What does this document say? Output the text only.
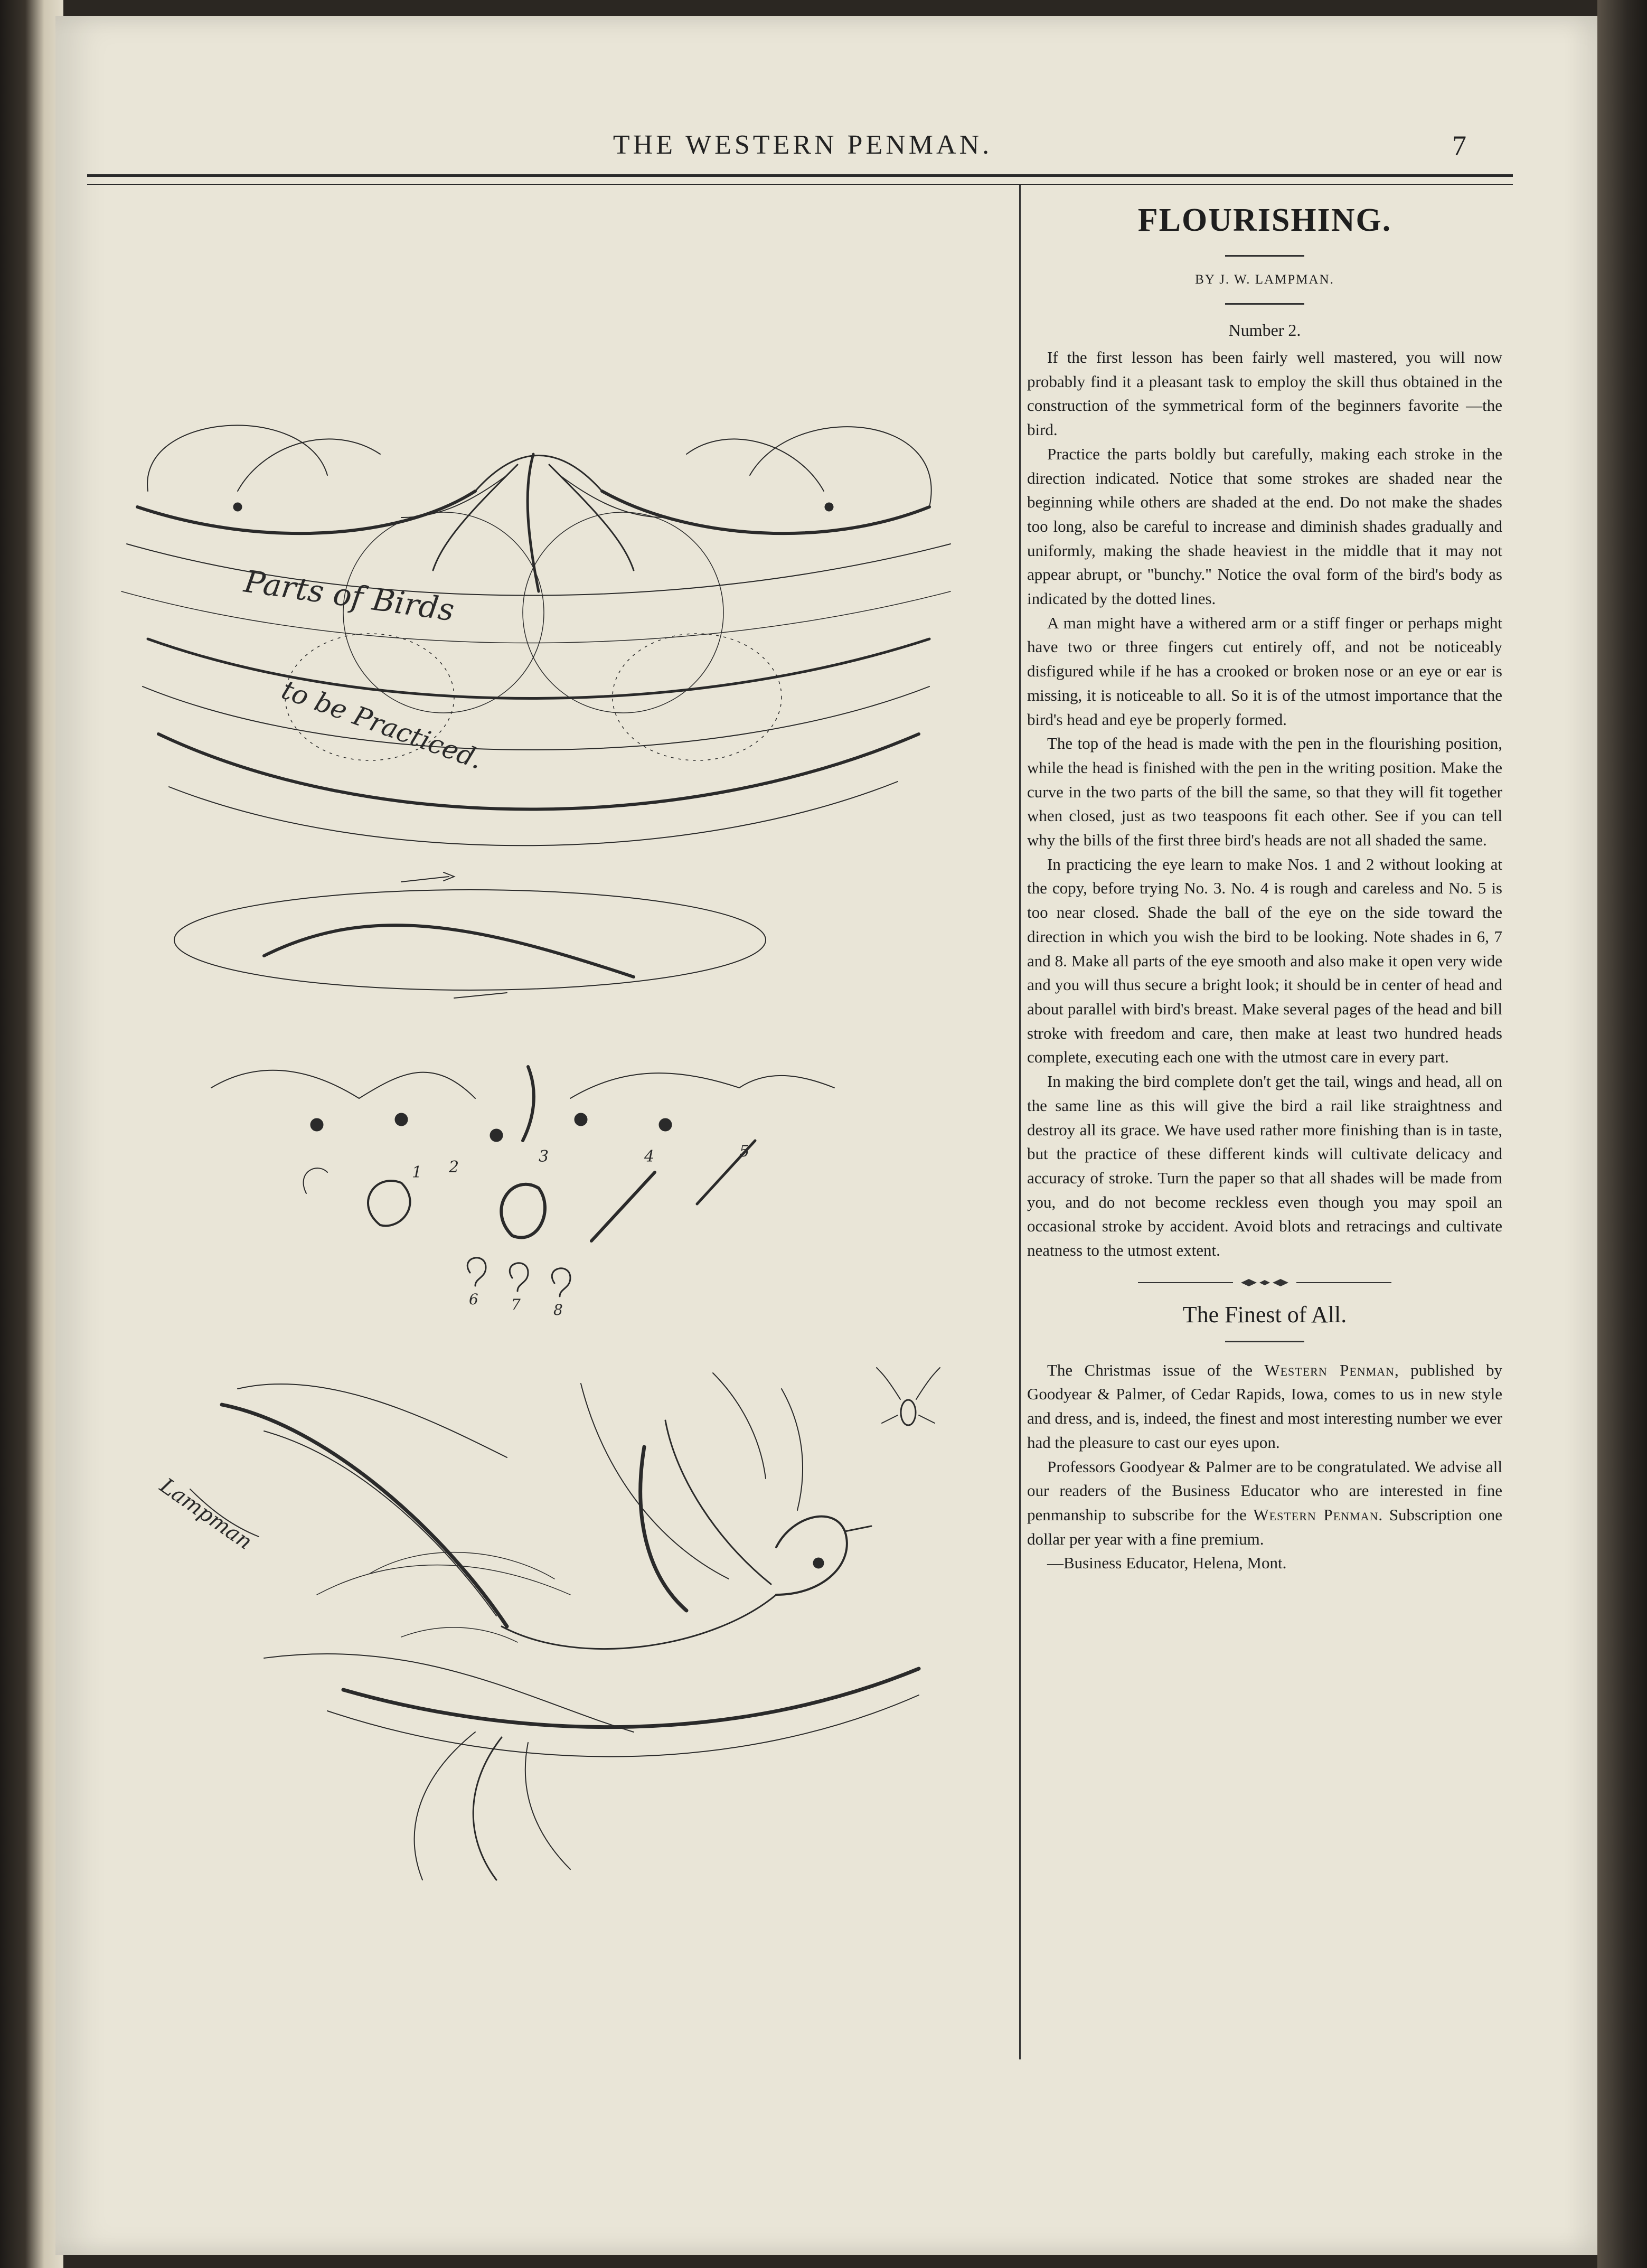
THE WESTERN PENMAN.	7
FLOURISHING.
BY J. W. LAMPMAN.
Number 2.

If the first lesson has been fairly well mastered, you will now probably find it a pleasant task to employ the skill thus obtained in the construction of the symmetrical form of the beginners favorite —the bird.

Practice the parts boldly but carefully, making each stroke in the direction indicated. Notice that some strokes are shaded near the beginning while others are shaded at the end. Do not make the shades too long, also be careful to increase and diminish shades gradually and uniformly, making the shade heaviest in the middle that it may not appear abrupt, or "bunchy." Notice the oval form of the bird's body as indicated by the dotted lines.

A man might have a withered arm or a stiff finger or perhaps might have two or three fingers cut entirely off, and not be noticeably disfigured while if he has a crooked or broken nose or an eye or ear is missing, it is noticeable to all. So it is of the utmost importance that the bird's head and eye be properly formed.

The top of the head is made with the pen in the flourishing position, while the head is finished with the pen in the writing position. Make the curve in the two parts of the bill the same, so that they will fit together when closed, just as two teaspoons fit each other. See if you can tell why the bills of the first three bird's heads are not all shaded the same.

In practicing the eye learn to make Nos. 1 and 2 without looking at the copy, before trying No. 3. No. 4 is rough and careless and No. 5 is too near closed. Shade the ball of the eye on the side toward the direction in which you wish the bird to be looking. Note shades in 6, 7 and 8. Make all parts of the eye smooth and also make it open very wide and you will thus secure a bright look; it should be in center of head and about parallel with bird's breast. Make several pages of the head and bill stroke with freedom and care, then make at least two hundred heads complete, executing each one with the utmost care in every part.

In making the bird complete don't get the tail, wings and head, all on the same line as this will give the bird a rail like straightness and destroy all its grace. We have used rather more finishing than is in taste, but the practice of these different kinds will cultivate delicacy and accuracy of stroke. Turn the paper so that all shades will be made from you, and do not become reckless even though you may spoil an occasional stroke by accident. Avoid blots and retracings and cultivate neatness to the utmost extent.

The Finest of All.

The Christmas issue of the Western Penman, published by Goodyear & Palmer, of Cedar Rapids, Iowa, comes to us in new style and dress, and is, indeed, the finest and most interesting number we ever had the pleasure to cast our eyes upon.

Professors Goodyear & Palmer are to be congratulated. We advise all our readers of the Business Educator who are interested in fine penmanship to subscribe for the Western Penman. Subscription one dollar per year with a fine premium.

—Business Educator, Helena, Mont.
Parts of Birds
to be Practiced.
1 2
3	4	5
6 7 8
Lampman
